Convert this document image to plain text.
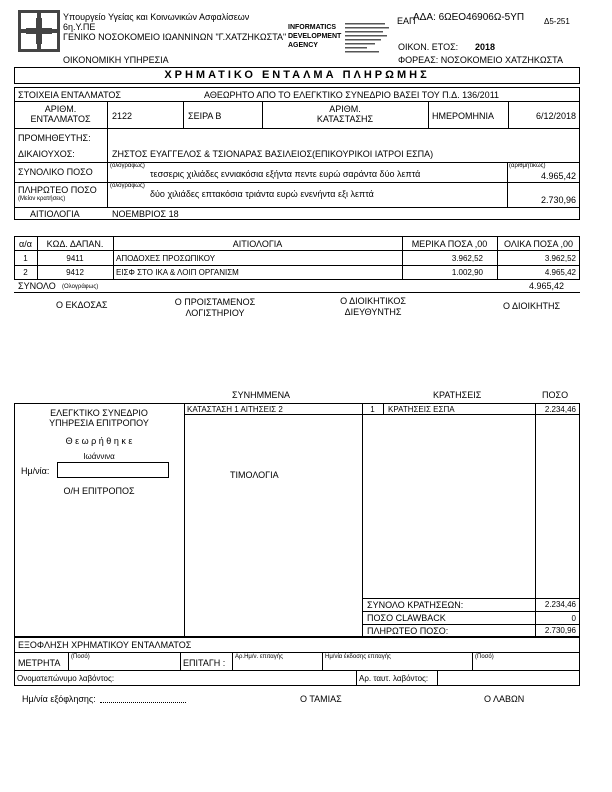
Υπουργείο Υγείας και Κοινωνικών Ασφαλίσεων
6η.Υ.ΠΕ
ΓΕΝΙΚΟ ΝΟΣΟΚΟΜΕΙΟ ΙΩΑΝΝΙΝΩΝ "Γ.ΧΑΤΖΗΚΩΣΤΑ"
ΟΙΚΟΝΟΜΙΚΗ ΥΠΗΡΕΣΙΑ
INFORMATICS DEVELOPMENT AGENCY
ΕΑΠ
ΑΔΑ: 6ΩΕΟ46906Ω-5ΥΠ Δ5-251
ΟΙΚΟΝ. ΕΤΟΣ: 2018
ΦΟΡΕΑΣ: ΝΟΣΟΚΟΜΕΙΟ ΧΑΤΖΗΚΩΣΤΑ
ΧΡΗΜΑΤΙΚΟ ΕΝΤΑΛΜΑ ΠΛΗΡΩΜΗΣ
ΣΤΟΙΧΕΙΑ ΕΝΤΑΛΜΑΤΟΣ	ΑΘΕΩΡΗΤΟ ΑΠΟ ΤΟ ΕΛΕΓΚΤΙΚΟ ΣΥΝΕΔΡΙΟ ΒΑΣΕΙ ΤΟΥ Π.Δ. 136/2011
ΑΡΙΘΜ.
ΕΝΤΑΛΜΑΤΟΣ	2122	ΣΕΙΡΑ Β
ΑΡΙΘΜ.
ΚΑΤΑΣΤΑΣΗΣ	ΗΜΕΡΟΜΗΝΙΑ	6/12/2018
ΠΡΟΜΗΘΕΥΤΗΣ:
ΔΙΚΑΙΟΥΧΟΣ:	ΖΗΣΤΟΣ ΕΥΑΓΓΕΛΟΣ & ΤΣΙΟΝΑΡΑΣ ΒΑΣΙΛΕΙΟΣ(ΕΠΙΚΟΥΡΙΚΟΙ ΙΑΤΡΟΙ ΕΣΠΑ)
ΣΥΝΟΛΙΚΟ ΠΟΣΟ
(ολογράφως)
τεσσερις χιλιάδες εννιακόσια εξήντα πεντε ευρώ σαράντα δύο λεπτά
(αριθμητικώς)
4.965,42
ΠΛΗΡΩΤΕΟ ΠΟΣΟ
(Μείον κρατήσεις)
(ολογράφως)
δύο χιλιάδες επτακόσια τριάντα ευρώ ενενήντα εξι λεπτά
2.730,96
ΑΙΤΙΟΛΟΓΙΑ	ΝΟΕΜΒΡΙΟΣ 18
α/α	ΚΩΔ. ΔΑΠΑΝ.	ΑΙΤΙΟΛΟΓΙΑ	ΜΕΡΙΚΑ ΠΟΣΑ ,00	ΟΛΙΚΑ ΠΟΣΑ ,00
1	9411	ΑΠΟΔΟΧΕΣ ΠΡΟΣΩΠΙΚΟΥ	3.962,52	3.962,52
2	9412	ΕΙΣΦ ΣΤΟ ΙΚΑ & ΛΟΙΠ ΟΡΓΑΝΙΣΜ	1.002,90	4.965,42
ΣΥΝΟΛΟ (Ολογράφως)	4.965,42
Ο ΕΚΔΟΣΑΣ	Ο ΠΡΟΙΣΤΑΜΕΝΟΣ
ΛΟΓΙΣΤΗΡΙΟΥ
Ο ΔΙΟΙΚΗΤΙΚΟΣ
ΔΙΕΥΘΥΝΤΗΣ
Ο ΔΙΟΙΚΗΤΗΣ
ΣΥΝΗΜΜΕΝΑ	ΚΡΑΤΗΣΕΙΣ	ΠΟΣΟ
ΕΛΕΓΚΤΙΚΟ ΣΥΝΕΔΡΙΟ
ΥΠΗΡΕΣΙΑ ΕΠΙΤΡΟΠΟΥ
Θ ε ω ρ ή θ η κ ε
Ιωάννινα
Ημ/νία:
Ο/Η ΕΠΙΤΡΟΠΟΣ
ΚΑΤΑΣΤΑΣΗ 1 ΑΙΤΗΣΕΙΣ 2
ΤΙΜΟΛΟΓΙΑ
1	ΚΡΑΤΗΣΕΙΣ ΕΣΠΑ	2.234,46
ΣΥΝΟΛΟ ΚΡΑΤΗΣΕΩΝ:	2.234,46
ΠΟΣΟ CLAWBACK	0
ΠΛΗΡΩΤΕΟ ΠΟΣΟ:	2.730,96
ΕΞΟΦΛΗΣΗ ΧΡΗΜΑΤΙΚΟΥ ΕΝΤΑΛΜΑΤΟΣ
ΜΕΤΡΗΤΑ
(Ποσό)
ΕΠΙΤΑΓΗ :
Αρ.Ημ/ν. επιταγής	Ημ/νία έκδοσης επιταγής	(Ποσό)
Ονοματεπώνυμο λαβόντος:	Αρ. ταυτ. λαβόντος:
Ημ/νία εξόφλησης:	Ο ΤΑΜΙΑΣ	Ο ΛΑΒΩΝ
